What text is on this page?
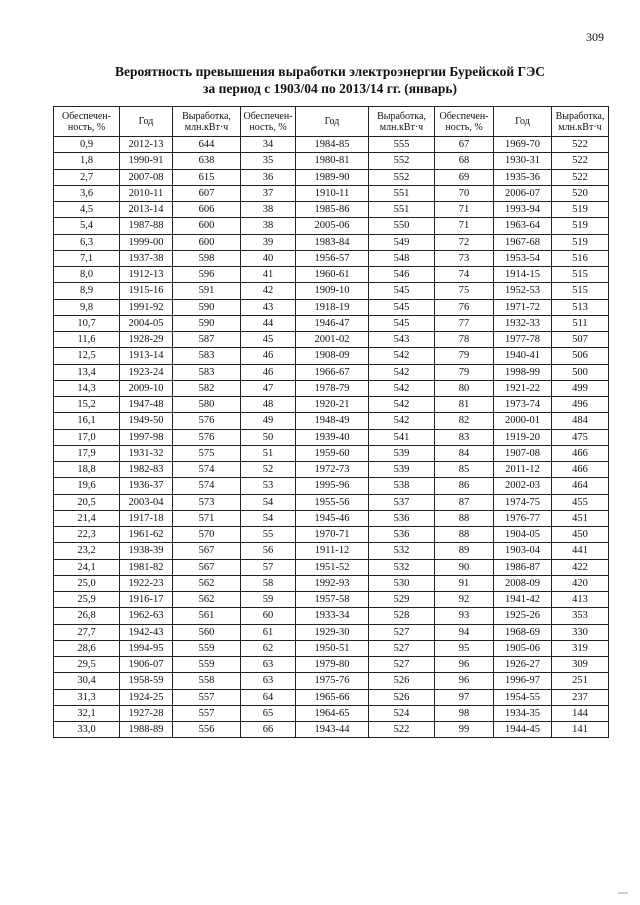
309
Вероятность превышения выработки электроэнергии Бурейской ГЭС
за период с 1903/04 по 2013/14 гг. (январь)
Обеспечен-ность, %	Год	Выработка, млн.кВт·ч	Обеспечен-ность, %	Год	Выработка, млн.кВт·ч	Обеспечен-ность, %	Год	Выработка, млн.кВт·ч
0,9	2012-13	644	34	1984-85	555	67	1969-70	522
1,8	1990-91	638	35	1980-81	552	68	1930-31	522
2,7	2007-08	615	36	1989-90	552	69	1935-36	522
3,6	2010-11	607	37	1910-11	551	70	2006-07	520
4,5	2013-14	606	38	1985-86	551	71	1993-94	519
5,4	1987-88	600	38	2005-06	550	71	1963-64	519
6,3	1999-00	600	39	1983-84	549	72	1967-68	519
7,1	1937-38	598	40	1956-57	548	73	1953-54	516
8,0	1912-13	596	41	1960-61	546	74	1914-15	515
8,9	1915-16	591	42	1909-10	545	75	1952-53	515
9,8	1991-92	590	43	1918-19	545	76	1971-72	513
10,7	2004-05	590	44	1946-47	545	77	1932-33	511
11,6	1928-29	587	45	2001-02	543	78	1977-78	507
12,5	1913-14	583	46	1908-09	542	79	1940-41	506
13,4	1923-24	583	46	1966-67	542	79	1998-99	500
14,3	2009-10	582	47	1978-79	542	80	1921-22	499
15,2	1947-48	580	48	1920-21	542	81	1973-74	496
16,1	1949-50	576	49	1948-49	542	82	2000-01	484
17,0	1997-98	576	50	1939-40	541	83	1919-20	475
17,9	1931-32	575	51	1959-60	539	84	1907-08	466
18,8	1982-83	574	52	1972-73	539	85	2011-12	466
19,6	1936-37	574	53	1995-96	538	86	2002-03	464
20,5	2003-04	573	54	1955-56	537	87	1974-75	455
21,4	1917-18	571	54	1945-46	536	88	1976-77	451
22,3	1961-62	570	55	1970-71	536	88	1904-05	450
23,2	1938-39	567	56	1911-12	532	89	1903-04	441
24,1	1981-82	567	57	1951-52	532	90	1986-87	422
25,0	1922-23	562	58	1992-93	530	91	2008-09	420
25,9	1916-17	562	59	1957-58	529	92	1941-42	413
26,8	1962-63	561	60	1933-34	528	93	1925-26	353
27,7	1942-43	560	61	1929-30	527	94	1968-69	330
28,6	1994-95	559	62	1950-51	527	95	1905-06	319
29,5	1906-07	559	63	1979-80	527	96	1926-27	309
30,4	1958-59	558	63	1975-76	526	96	1996-97	251
31,3	1924-25	557	64	1965-66	526	97	1954-55	237
32,1	1927-28	557	65	1964-65	524	98	1934-35	144
33,0	1988-89	556	66	1943-44	522	99	1944-45	141
